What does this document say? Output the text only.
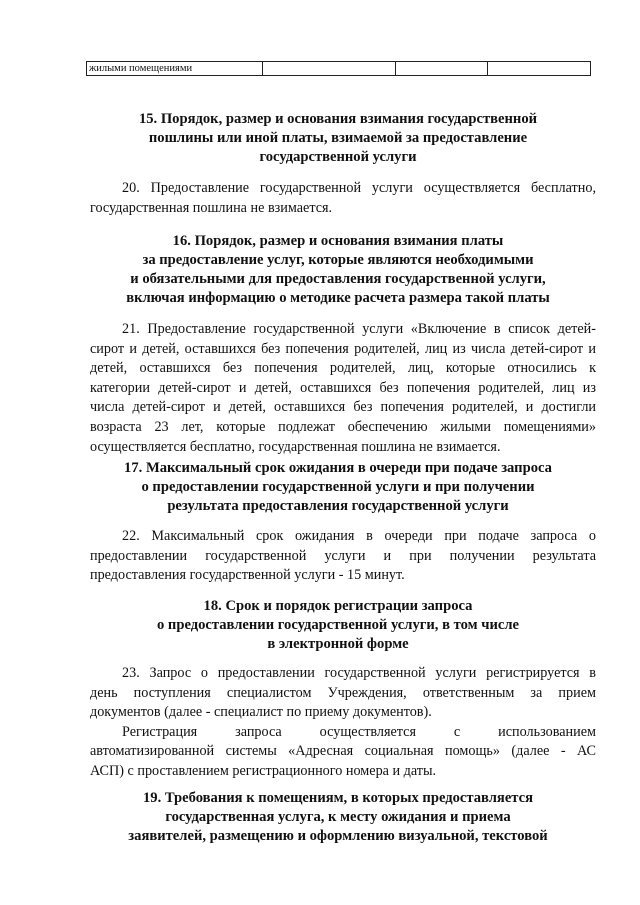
жилыми помещениями			
15. Порядок, размер и основания взимания государственной
пошлины или иной платы, взимаемой за предоставление
государственной услуги
20. Предоставление государственной услуги осуществляется бесплатно,
государственная пошлина не взимается.
16. Порядок, размер и основания взимания платы
за предоставление услуг, которые являются необходимыми
и обязательными для предоставления государственной услуги,
включая информацию о методике расчета размера такой платы
21. Предоставление государственной услуги «Включение в список детей-
сирот и детей, оставшихся без попечения родителей, лиц из числа детей-сирот и
детей, оставшихся без попечения родителей, лиц, которые относились к
категории детей-сирот и детей, оставшихся без попечения родителей, лиц из
числа детей-сирот и детей, оставшихся без попечения родителей, и достигли
возраста 23 лет, которые подлежат обеспечению жилыми помещениями»
осуществляется бесплатно, государственная пошлина не взимается.
17. Максимальный срок ожидания в очереди при подаче запроса
о предоставлении государственной услуги и при получении
результата предоставления государственной услуги
22. Максимальный срок ожидания в очереди при подаче запроса о
предоставлении государственной услуги и при получении результата
предоставления государственной услуги - 15 минут.
18. Срок и порядок регистрации запроса
о предоставлении государственной услуги, в том числе
в электронной форме
23. Запрос о предоставлении государственной услуги регистрируется в
день поступления специалистом Учреждения, ответственным за прием
документов (далее - специалист по приему документов).
Регистрация запроса осуществляется с использованием
автоматизированной системы «Адресная социальная помощь» (далее - АС
АСП) с проставлением регистрационного номера и даты.
19. Требования к помещениям, в которых предоставляется
государственная услуга, к месту ожидания и приема
заявителей, размещению и оформлению визуальной, текстовой
